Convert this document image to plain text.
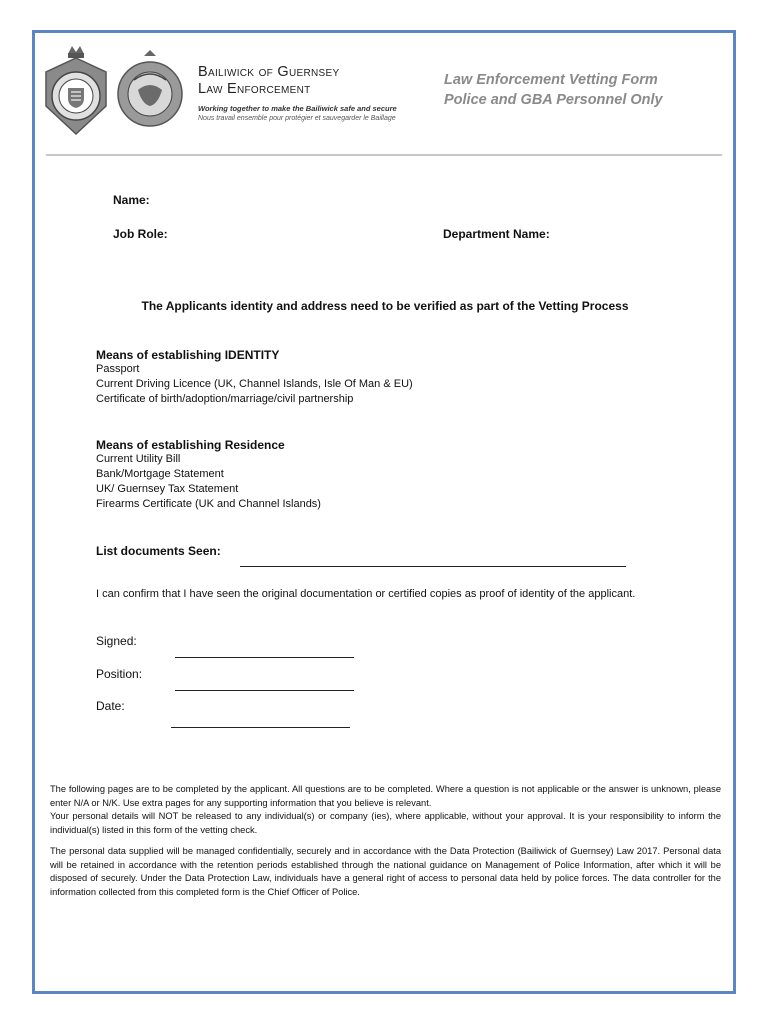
Bailiwick of Guernsey
Law Enforcement
Working together to make the Bailiwick safe and secure
Nous travail ensemble pour protégier et sauvegarder le Baillage
Law Enforcement Vetting Form
Police and GBA Personnel Only
Name:
Job Role:	Department Name:
The Applicants identity and address need to be verified as part of the Vetting Process
Means of establishing IDENTITY
Passport
Current Driving Licence (UK, Channel Islands, Isle Of Man & EU)
Certificate of birth/adoption/marriage/civil partnership
Means of establishing Residence
Current Utility Bill
Bank/Mortgage Statement
UK/ Guernsey Tax Statement
Firearms Certificate (UK and Channel Islands)
List documents Seen:
I can confirm that I have seen the original documentation or certified copies as proof of identity of the applicant.
Signed:
Position:
Date:
The following pages are to be completed by the applicant. All questions are to be completed. Where a question is not applicable or the answer is unknown, please enter N/A or N/K. Use extra pages for any supporting information that you believe is relevant.
Your personal details will NOT be released to any individual(s) or company (ies), where applicable, without your approval. It is your responsibility to inform the individual(s) listed in this form of the vetting check.
The personal data supplied will be managed confidentially, securely and in accordance with the Data Protection (Bailiwick of Guernsey) Law 2017. Personal data will be retained in accordance with the retention periods established through the national guidance on Management of Police Information, after which it will be disposed of securely. Under the Data Protection Law, individuals have a general right of access to personal data held by police forces. The data controller for the information collected from this completed form is the Chief Officer of Police.
